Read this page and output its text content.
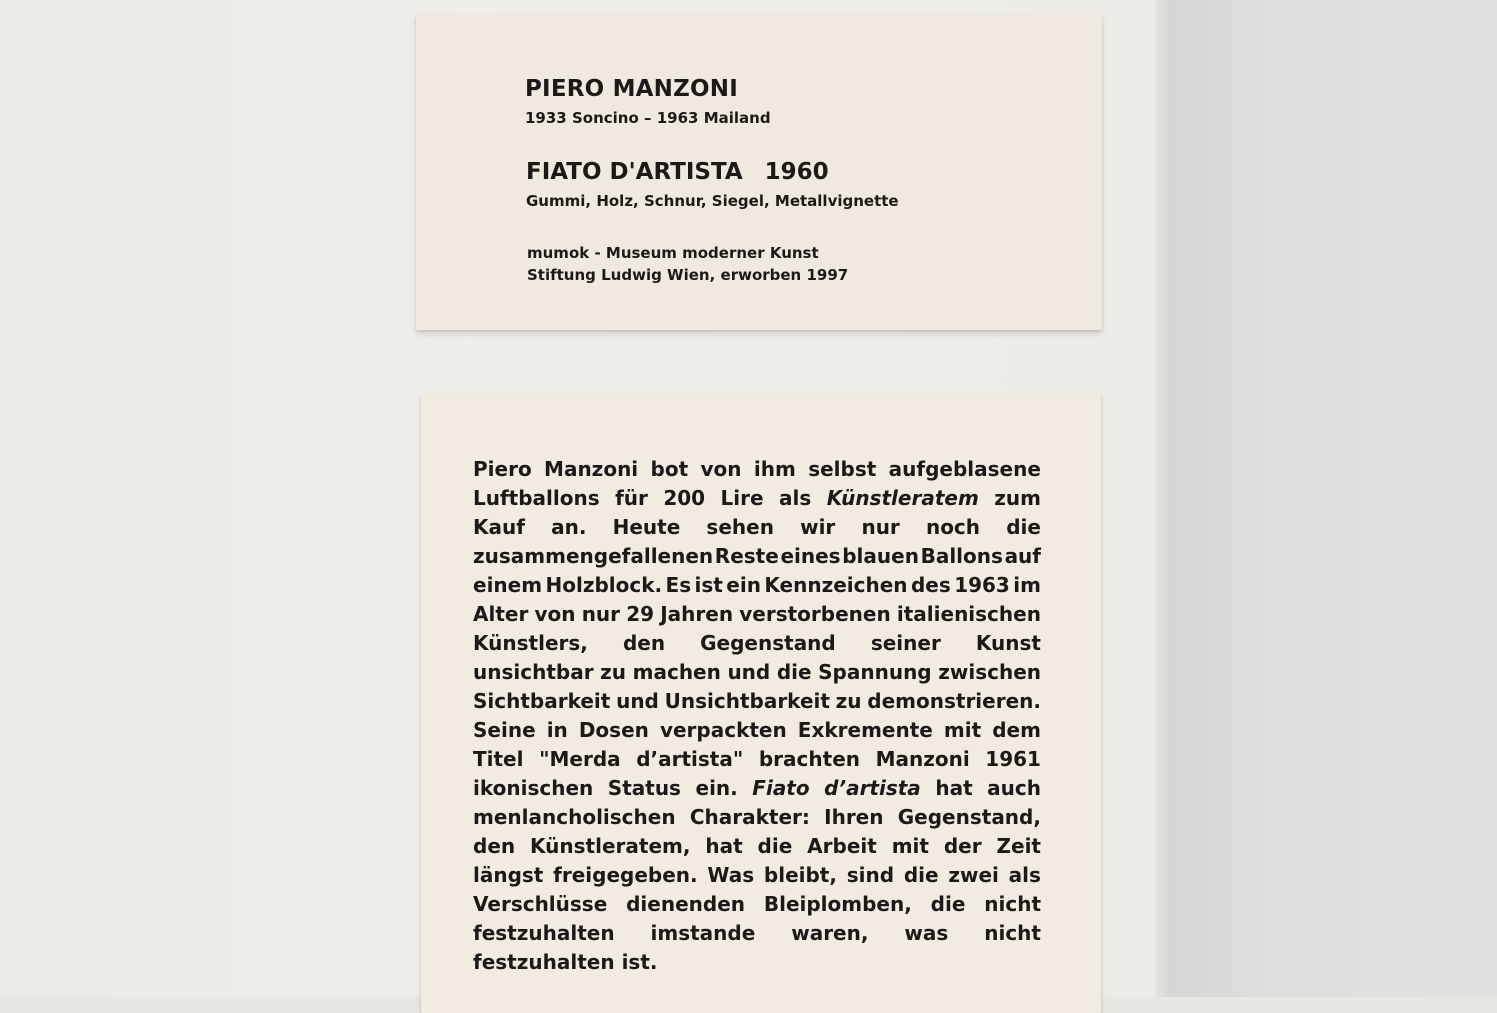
PIERO MANZONI
1933 Soncino – 1963 Mailand
FIATO D'ARTISTA 1960
Gummi, Holz, Schnur, Siegel, Metallvignette
mumok - Museum moderner Kunst
Stiftung Ludwig Wien, erworben 1997
Piero Manzoni bot von ihm selbst aufgeblasene
Luftballons für 200 Lire als Künstleratem zum
Kauf an. Heute sehen wir nur noch die
zusammengefallenen Reste eines blauen Ballons auf
einem Holzblock. Es ist ein Kennzeichen des 1963 im
Alter von nur 29 Jahren verstorbenen italienischen
Künstlers, den Gegenstand seiner Kunst
unsichtbar zu machen und die Spannung zwischen
Sichtbarkeit und Unsichtbarkeit zu demonstrieren.
Seine in Dosen verpackten Exkremente mit dem
Titel "Merda d’artista" brachten Manzoni 1961
ikonischen Status ein. Fiato d’artista hat auch
menlancholischen Charakter: Ihren Gegenstand,
den Künstleratem, hat die Arbeit mit der Zeit
längst freigegeben. Was bleibt, sind die zwei als
Verschlüsse dienenden Bleiplomben, die nicht
festzuhalten imstande waren, was nicht
festzuhalten ist.
